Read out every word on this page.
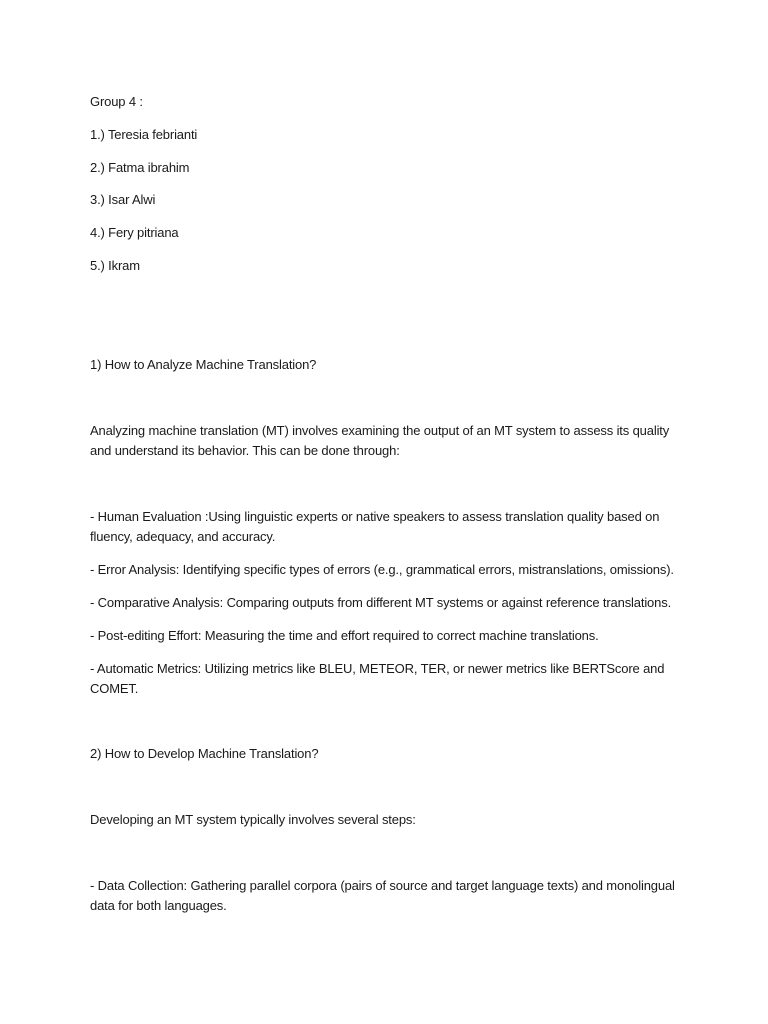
Group 4 :
1.) Teresia febrianti
2.) Fatma ibrahim
3.) Isar Alwi
4.) Fery pitriana
5.) Ikram
1) How to Analyze Machine Translation?
Analyzing machine translation (MT) involves examining the output of an MT system to assess its quality and understand its behavior. This can be done through:
- Human Evaluation :Using linguistic experts or native speakers to assess translation quality based on fluency, adequacy, and accuracy.
- Error Analysis: Identifying specific types of errors (e.g., grammatical errors, mistranslations, omissions).
- Comparative Analysis: Comparing outputs from different MT systems or against reference translations.
- Post-editing Effort: Measuring the time and effort required to correct machine translations.
- Automatic Metrics: Utilizing metrics like BLEU, METEOR, TER, or newer metrics like BERTScore and COMET.
2) How to Develop Machine Translation?
Developing an MT system typically involves several steps:
- Data Collection: Gathering parallel corpora (pairs of source and target language texts) and monolingual data for both languages.
